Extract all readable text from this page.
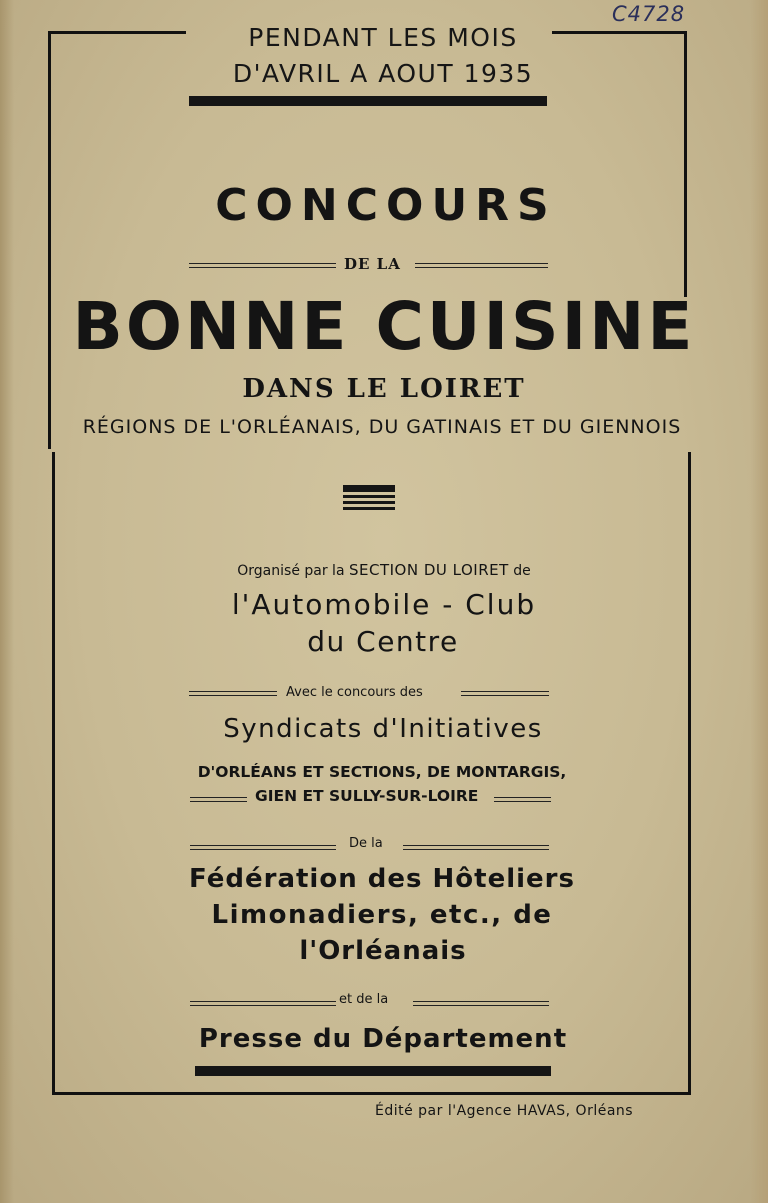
C4728
PENDANT LES MOIS
D'AVRIL A AOUT 1935
CONCOURS
DE LA
BONNE CUISINE
DANS LE LOIRET
RÉGIONS DE L'ORLÉANAIS, DU GATINAIS ET DU GIENNOIS
Organisé par la SECTION DU LOIRET de
l'Automobile - Club
du Centre
Avec le concours des
Syndicats d'Initiatives
D'ORLÉANS ET SECTIONS, DE MONTARGIS,
GIEN ET SULLY-SUR-LOIRE
De la
Fédération des Hôteliers
Limonadiers, etc., de
l'Orléanais
et de la
Presse du Département
Édité par l'Agence HAVAS, Orléans
